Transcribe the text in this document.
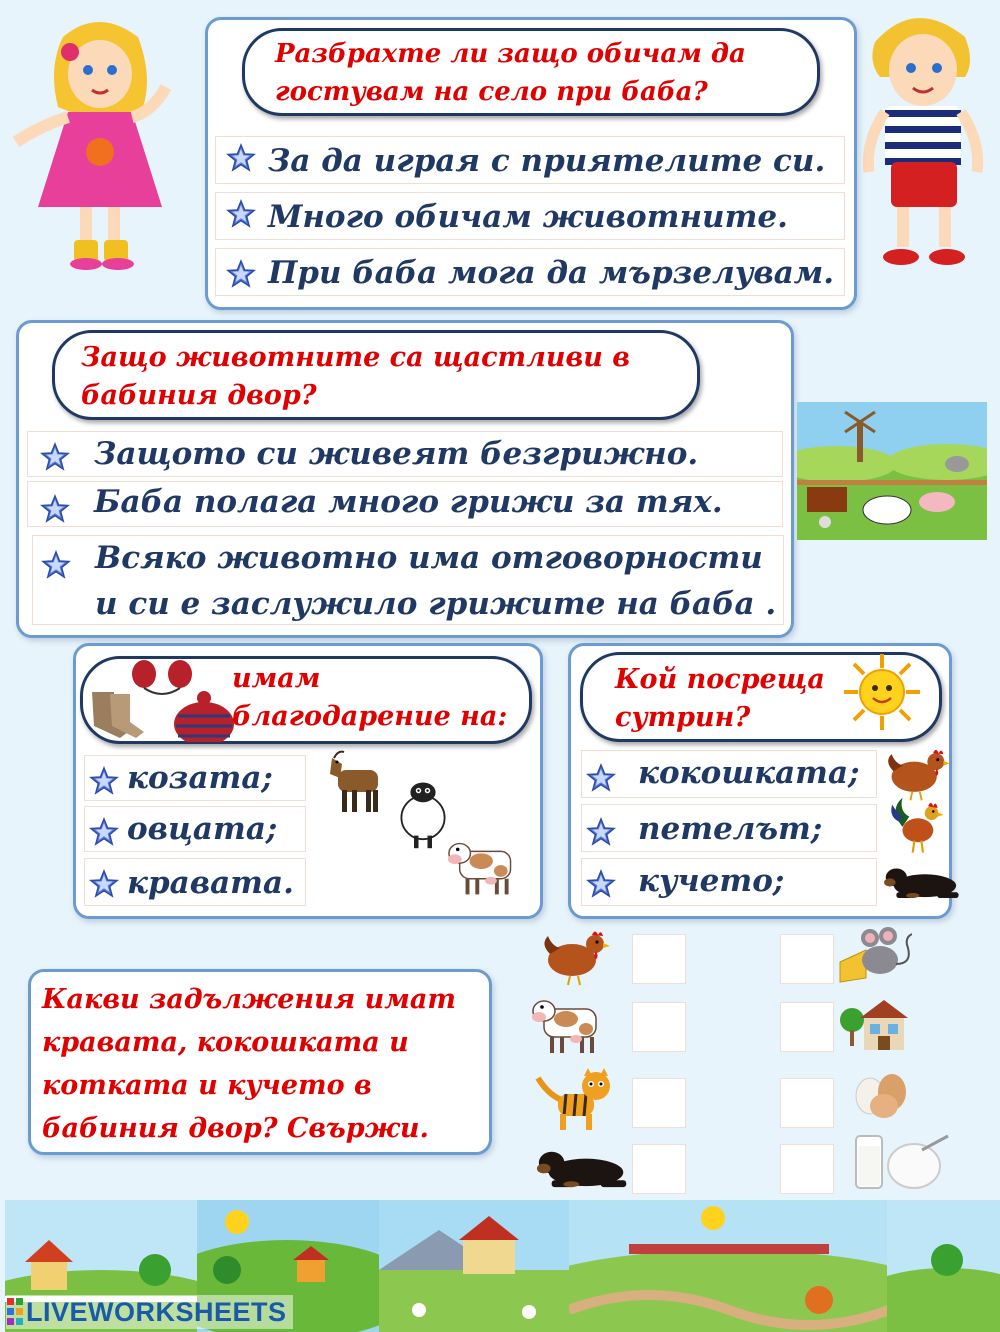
Разбрахте ли защо обичам да гостувам на село при баба?
За да играя с приятелите си.
Много обичам животните.
При баба мога да мързелувам.
Защо животните са щастливи в бабиния двор?
Защото си живеят безгрижно.
Баба полага много грижи за тях.
Всяко животно има отговорности
и си е заслужило грижите на баба .
имам благодарение на:
козата;
овцата;
кравата.
Кой посреща сутрин?
кокошката;
петелът;
кучето;
Какви задължения имат кравата, кокошката и котката и кучето в бабиния двор? Свържи.
LIVEWORKSHEETS
